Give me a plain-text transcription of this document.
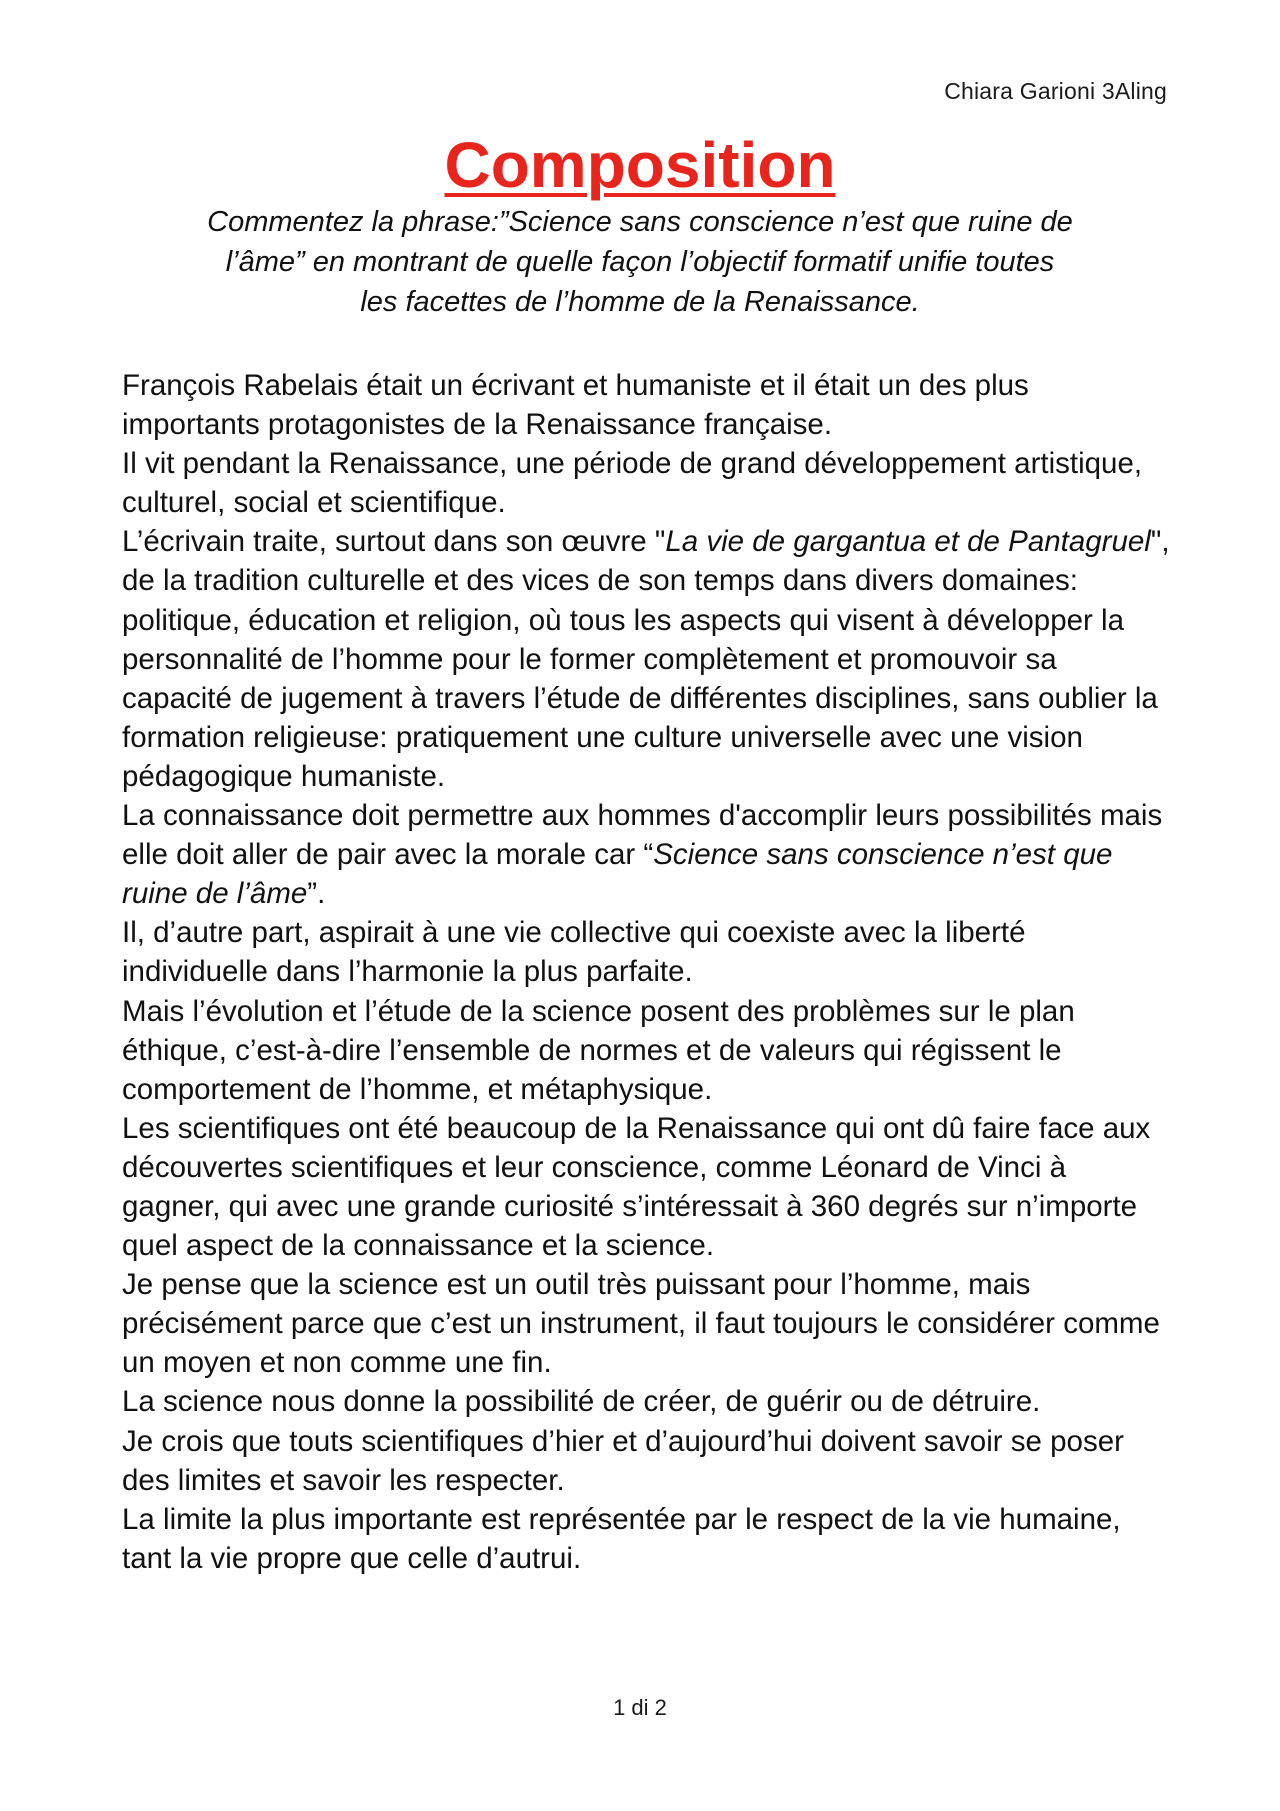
Chiara Garioni 3Aling
Composition
Commentez la phrase:”Science sans conscience n’est que ruine de
l’âme” en montrant de quelle façon l’objectif formatif unifie toutes
les facettes de l’homme de la Renaissance.

François Rabelais était un écrivant et humaniste et il était un des plus importants protagonistes de la Renaissance française.

Il vit pendant la Renaissance, une période de grand développement artistique, culturel, social et scientifique.

L’écrivain traite, surtout dans son œuvre "La vie de gargantua et de Pantagruel", de la tradition culturelle et des vices de son temps dans divers domaines: politique, éducation et religion, où tous les aspects qui visent à développer la personnalité de l’homme pour le former complètement et promouvoir sa capacité de jugement à travers l’étude de différentes disciplines, sans oublier la formation religieuse: pratiquement une culture universelle avec une vision pédagogique humaniste.

La connaissance doit permettre aux hommes d'accomplir leurs possibilités mais elle doit aller de pair avec la morale car “Science sans conscience n’est que ruine de l’âme”.

Il, d’autre part, aspirait à une vie collective qui coexiste avec la liberté individuelle dans l’harmonie la plus parfaite.

Mais l’évolution et l’étude de la science posent des problèmes sur le plan éthique, c’est-à-dire l’ensemble de normes et de valeurs qui régissent le comportement de l’homme, et métaphysique.

Les scientifiques ont été beaucoup de la Renaissance qui ont dû faire face aux découvertes scientifiques et leur conscience, comme Léonard de Vinci à gagner, qui avec une grande curiosité s’intéressait à 360 degrés sur n’importe quel aspect de la connaissance et la science.

Je pense que la science est un outil très puissant pour l’homme, mais précisément parce que c’est un instrument, il faut toujours le considérer comme un moyen et non comme une fin.

La science nous donne la possibilité de créer, de guérir ou de détruire.

Je crois que touts scientifiques d’hier et d’aujourd’hui doivent savoir se poser des limites et savoir les respecter.

La limite la plus importante est représentée par le respect de la vie humaine, tant la vie propre que celle d’autrui.

1 di 2
